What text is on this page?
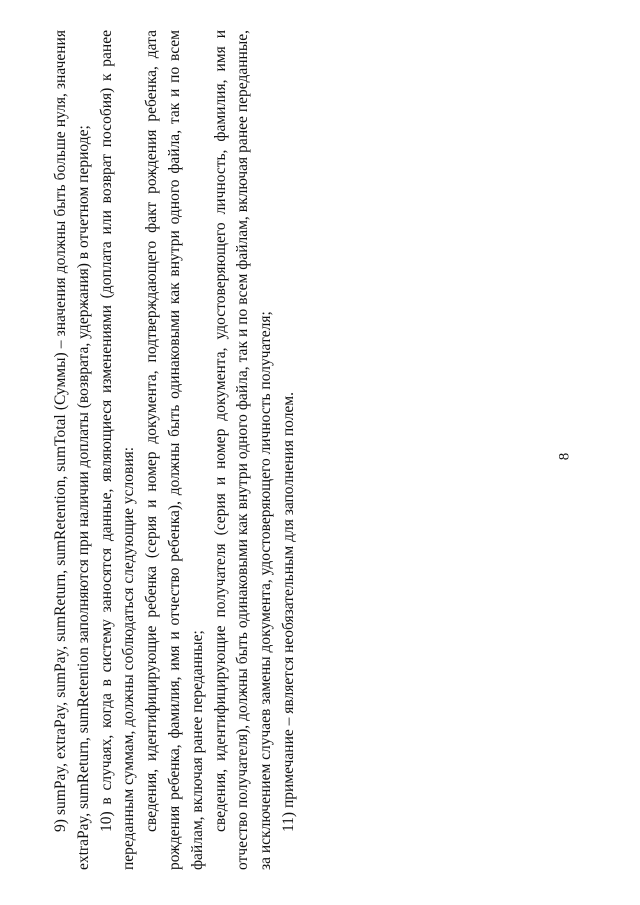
9) sumPay, extraPay, sumPay, sumReturn, sumRetention, sumTotal (Суммы) – значения должны быть больше нуля, значения extraPay, sumReturn, sumRetention заполняются при наличии доплаты (возврата, удержания) в отчетном периоде; 10) в случаях, когда в систему заносятся данные, являющиеся изменениями (доплата или возврат пособия) к ранее переданным суммам, должны соблюдаться следующие условия: сведения, идентифицирующие ребенка (серия и номер документа, подтверждающего факт рождения ребенка, дата рождения ребенка, фамилия, имя и отчество ребенка), должны быть одинаковыми как внутри одного файла, так и по всем файлам, включая ранее переданные; сведения, идентифицирующие получателя (серия и номер документа, удостоверяющего личность, фамилия, имя и отчество получателя), должны быть одинаковыми как внутри одного файла, так и по всем файлам, включая ранее переданные, за исключением случаев замены документа, удостоверяющего личность получателя; 11) примечание – является необязательным для заполнения полем.	8
